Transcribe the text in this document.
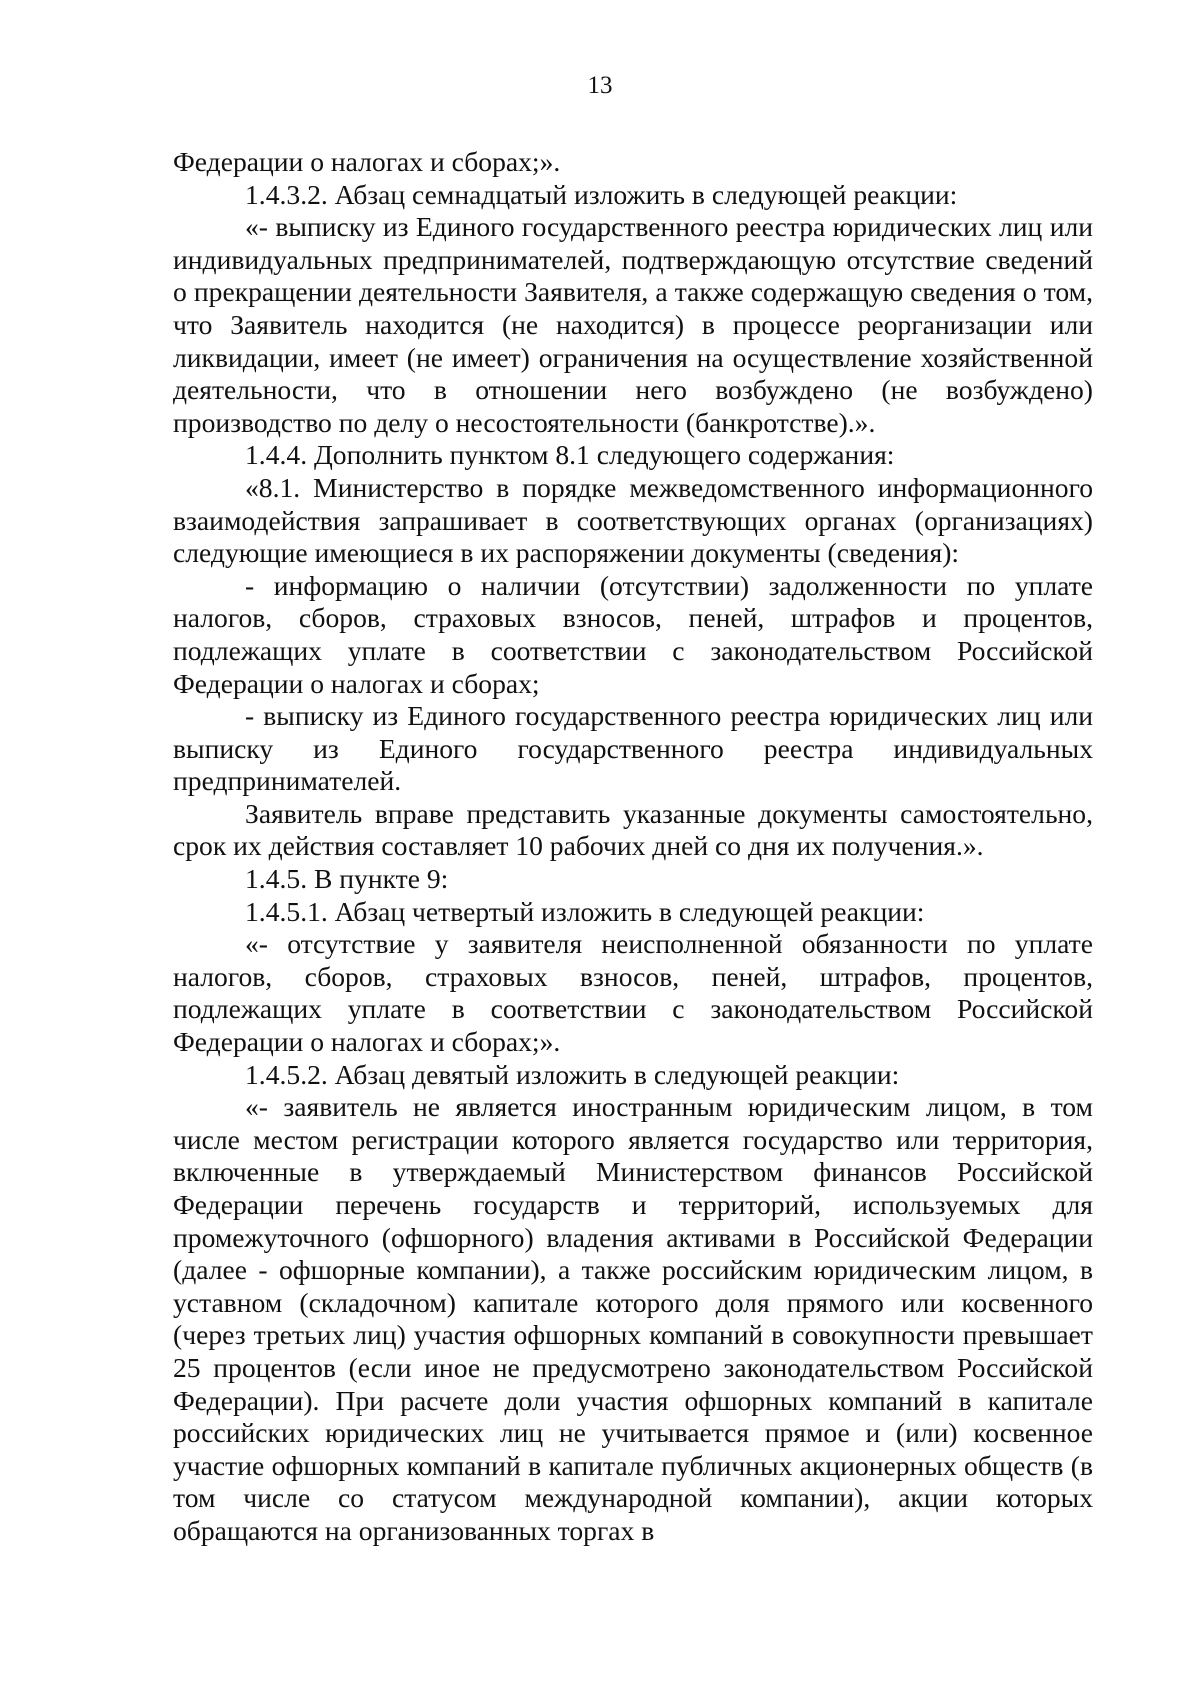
13

Федерации о налогах и сборах;».

1.4.3.2. Абзац семнадцатый изложить в следующей реакции:

«- выписку из Единого государственного реестра юридических лиц или индивидуальных предпринимателей, подтверждающую отсутствие сведений о прекращении деятельности Заявителя, а также содержащую сведения о том, что Заявитель находится (не находится) в процессе реорганизации или ликвидации, имеет (не имеет) ограничения на осуществление хозяйственной деятельности, что в отношении него возбуждено (не возбуждено) производство по делу о несостоятельности (банкротстве).».

1.4.4. Дополнить пунктом 8.1 следующего содержания:

«8.1. Министерство в порядке межведомственного информационного взаимодействия запрашивает в соответствующих органах (организациях) следующие имеющиеся в их распоряжении документы (сведения):

- информацию о наличии (отсутствии) задолженности по уплате налогов, сборов, страховых взносов, пеней, штрафов и процентов, подлежащих уплате в соответствии с законодательством Российской Федерации о налогах и сборах;

- выписку из Единого государственного реестра юридических лиц или выписку из Единого государственного реестра индивидуальных предпринимателей.

Заявитель вправе представить указанные документы самостоятельно, срок их действия составляет 10 рабочих дней со дня их получения.».

1.4.5. В пункте 9:

1.4.5.1. Абзац четвертый изложить в следующей реакции:

«- отсутствие у заявителя неисполненной обязанности по уплате налогов, сборов, страховых взносов, пеней, штрафов, процентов, подлежащих уплате в соответствии с законодательством Российской Федерации о налогах и сборах;».

1.4.5.2. Абзац девятый изложить в следующей реакции:

«- заявитель не является иностранным юридическим лицом, в том числе местом регистрации которого является государство или территория, включенные в утверждаемый Министерством финансов Российской Федерации перечень государств и территорий, используемых для промежуточного (офшорного) владения активами в Российской Федерации (далее - офшорные компании), а также российским юридическим лицом, в уставном (складочном) капитале которого доля прямого или косвенного (через третьих лиц) участия офшорных компаний в совокупности превышает 25 процентов (если иное не предусмотрено законодательством Российской Федерации). При расчете доли участия офшорных компаний в капитале российских юридических лиц не учитывается прямое и (или) косвенное участие офшорных компаний в капитале публичных акционерных обществ (в том числе со статусом международной компании), акции которых обращаются на организованных торгах в
